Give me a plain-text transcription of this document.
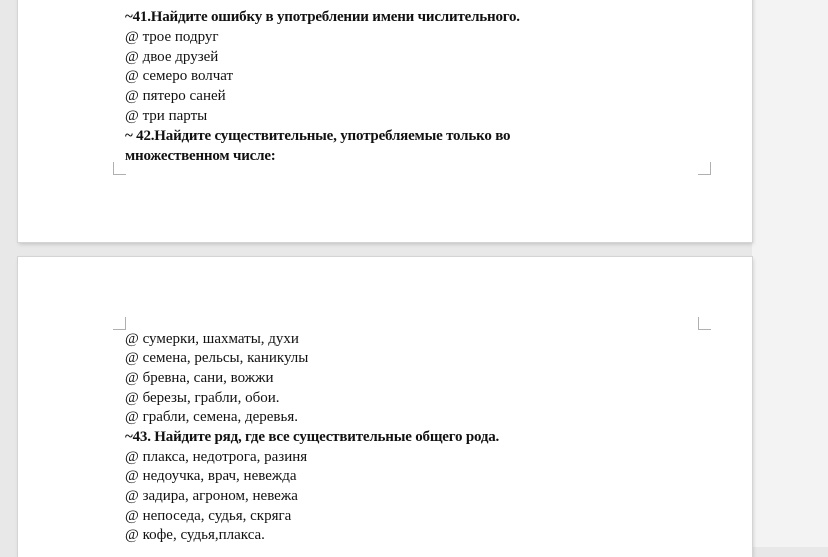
~41.Найдите ошибку в употреблении имени числительного.
@ трое подруг
@ двое друзей
@ семеро волчат
@ пятеро саней
@ три парты
~ 42.Найдите существительные, употребляемые только во
множественном числе:
@ сумерки, шахматы, духи
@ семена, рельсы, каникулы
@ бревна, сани, вожжи
@ березы, грабли, обои.
@ грабли, семена, деревья.
~43. Найдите ряд, где все существительные общего рода.
@ плакса, недотрога, разиня
@ недоучка, врач, невежда
@ задира, агроном, невежа
@ непоседа, судья, скряга
@ кофе, судья,плакса.
